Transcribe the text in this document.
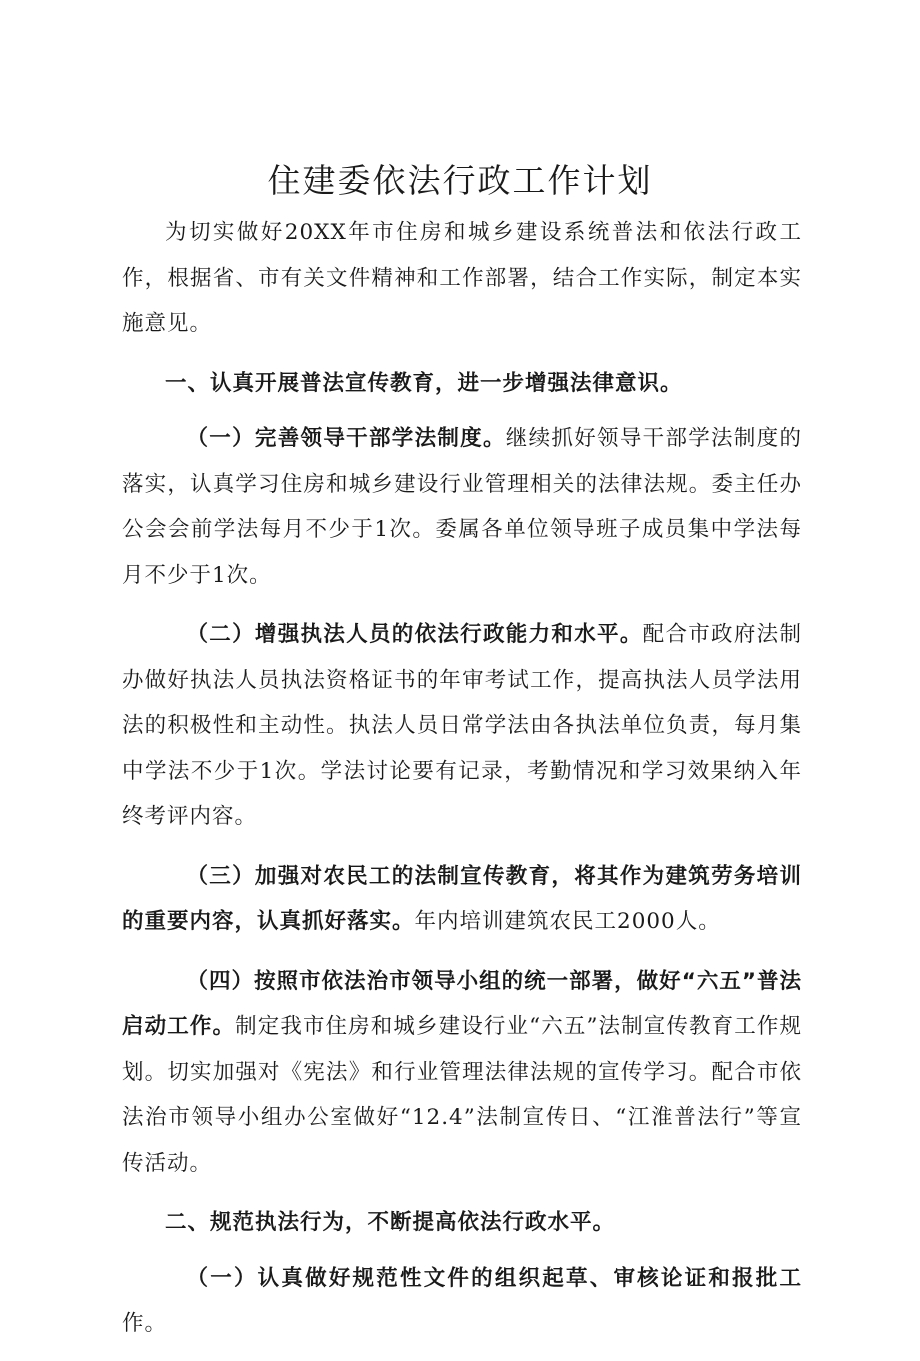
住建委依法行政工作计划

为切实做好20XX年市住房和城乡建设系统普法和依法行政工作，根据省、市有关文件精神和工作部署，结合工作实际，制定本实施意见。

一、认真开展普法宣传教育，进一步增强法律意识。

（一）完善领导干部学法制度。继续抓好领导干部学法制度的落实，认真学习住房和城乡建设行业管理相关的法律法规。委主任办公会会前学法每月不少于1次。委属各单位领导班子成员集中学法每月不少于1次。

（二）增强执法人员的依法行政能力和水平。配合市政府法制办做好执法人员执法资格证书的年审考试工作，提高执法人员学法用法的积极性和主动性。执法人员日常学法由各执法单位负责，每月集中学法不少于1次。学法讨论要有记录，考勤情况和学习效果纳入年终考评内容。

（三）加强对农民工的法制宣传教育，将其作为建筑劳务培训的重要内容，认真抓好落实。年内培训建筑农民工2000人。

（四）按照市依法治市领导小组的统一部署，做好“六五”普法启动工作。制定我市住房和城乡建设行业“六五”法制宣传教育工作规划。切实加强对《宪法》和行业管理法律法规的宣传学习。配合市依法治市领导小组办公室做好“12.4”法制宣传日、“江淮普法行”等宣传活动。

二、规范执法行为，不断提高依法行政水平。

（一）认真做好规范性文件的组织起草、审核论证和报批工作。
